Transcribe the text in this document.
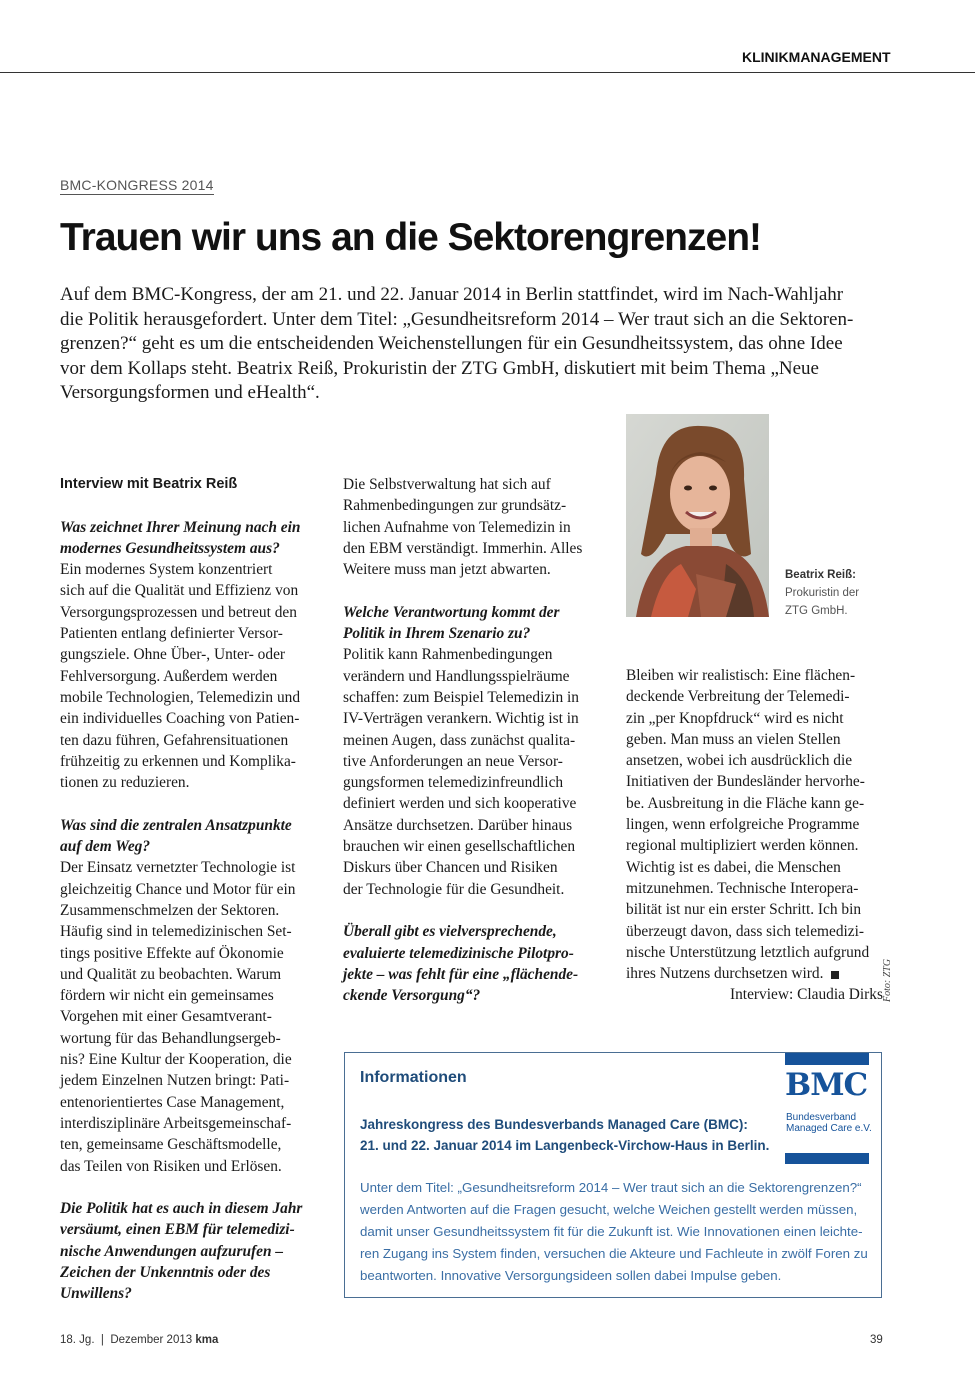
KLINIKMANAGEMENT
BMC-KONGRESS 2014
Trauen wir uns an die Sektorengrenzen!

Auf dem BMC-Kongress, der am 21. und 22. Januar 2014 in Berlin stattfindet, wird im Nach-Wahljahr

die Politik herausgefordert. Unter dem Titel: „Gesundheitsreform 2014 – Wer traut sich an die Sektoren-

grenzen?“ geht es um die entscheidenden Weichenstellungen für ein Gesundheitssystem, das ohne Idee

vor dem Kollaps steht. Beatrix Reiß, Prokuristin der ZTG GmbH, diskutiert mit beim Thema „Neue

Versorgungsformen und eHealth“.

Interview mit Beatrix Reiß

Was zeichnet Ihrer Meinung nach ein
modernes Gesundheitssystem aus?
Ein modernes System konzentriert
sich auf die Qualität und Effizienz von
Versorgungsprozessen und betreut den
Patienten entlang definierter Versor-
gungsziele. Ohne Über-, Unter- oder
Fehlversorgung. Außerdem werden
mobile Technologien, Telemedizin und
ein individuelles Coaching von Patien-
ten dazu führen, Gefahrensituationen
frühzeitig zu erkennen und Komplika-
tionen zu reduzieren.
Was sind die zentralen Ansatzpunkte
auf dem Weg?
Der Einsatz vernetzter Technologie ist
gleichzeitig Chance und Motor für ein
Zusammenschmelzen der Sektoren.
Häufig sind in telemedizinischen Set-
tings positive Effekte auf Ökonomie
und Qualität zu beobachten. Warum
fördern wir nicht ein gemeinsames
Vorgehen mit einer Gesamtverant-
wortung für das Behandlungsergeb-
nis? Eine Kultur der Kooperation, die
jedem Einzelnen Nutzen bringt: Pati-
entenorientiertes Case Management,
interdisziplinäre Arbeitsgemeinschaf-
ten, gemeinsame Geschäftsmodelle,
das Teilen von Risiken und Erlösen.
Die Politik hat es auch in diesem Jahr
versäumt, einen EBM für telemedizi-
nische Anwendungen aufzurufen –
Zeichen der Unkenntnis oder des
Unwillens?
Die Selbstverwaltung hat sich auf
Rahmenbedingungen zur grundsätz-
lichen Aufnahme von Telemedizin in
den EBM verständigt. Immerhin. Alles
Weitere muss man jetzt abwarten.
Welche Verantwortung kommt der
Politik in Ihrem Szenario zu?
Politik kann Rahmenbedingungen
verändern und Handlungsspielräume
schaffen: zum Beispiel Telemedizin in
IV-Verträgen verankern. Wichtig ist in
meinen Augen, dass zunächst qualita-
tive Anforderungen an neue Versor-
gungsformen telemedizinfreundlich
definiert werden und sich kooperative
Ansätze durchsetzen. Darüber hinaus
brauchen wir einen gesellschaftlichen
Diskurs über Chancen und Risiken
der Technologie für die Gesundheit.
Überall gibt es vielversprechende,
evaluierte telemedizinische Pilotpro-
jekte – was fehlt für eine „flächende-
ckende Versorgung“?
Beatrix Reiß:
Prokuristin der
ZTG GmbH.
Bleiben wir realistisch: Eine flächen-
deckende Verbreitung der Telemedi-
zin „per Knopfdruck“ wird es nicht
geben. Man muss an vielen Stellen
ansetzen, wobei ich ausdrücklich die
Initiativen der Bundesländer hervorhe-
be. Ausbreitung in die Fläche kann ge-
lingen, wenn erfolgreiche Programme
regional multipliziert werden können.
Wichtig ist es dabei, die Menschen
mitzunehmen. Technische Interopera-
bilität ist nur ein erster Schritt. Ich bin
überzeugt davon, dass sich telemedizi-
nische Unterstützung letztlich aufgrund
ihres Nutzens durchsetzen wird.

Interview: Claudia Dirks Foto: ZTG
Informationen

Jahreskongress des Bundesverbands Managed Care (BMC):

21. und 22. Januar 2014 im Langenbeck-Virchow-Haus in Berlin.

Unter dem Titel: „Gesundheitsreform 2014 – Wer traut sich an die Sektorengrenzen?“

werden Antworten auf die Fragen gesucht, welche Weichen gestellt werden müssen,

damit unser Gesundheitssystem fit für die Zukunft ist. Wie Innovationen einen leichte-

ren Zugang ins System finden, versuchen die Akteure und Fachleute in zwölf Foren zu

beantworten. Innovative Versorgungsideen sollen dabei Impulse geben.

BMC
Bundesverband
Managed Care e.V.
18. Jg. | Dezember 2013 kma	39
